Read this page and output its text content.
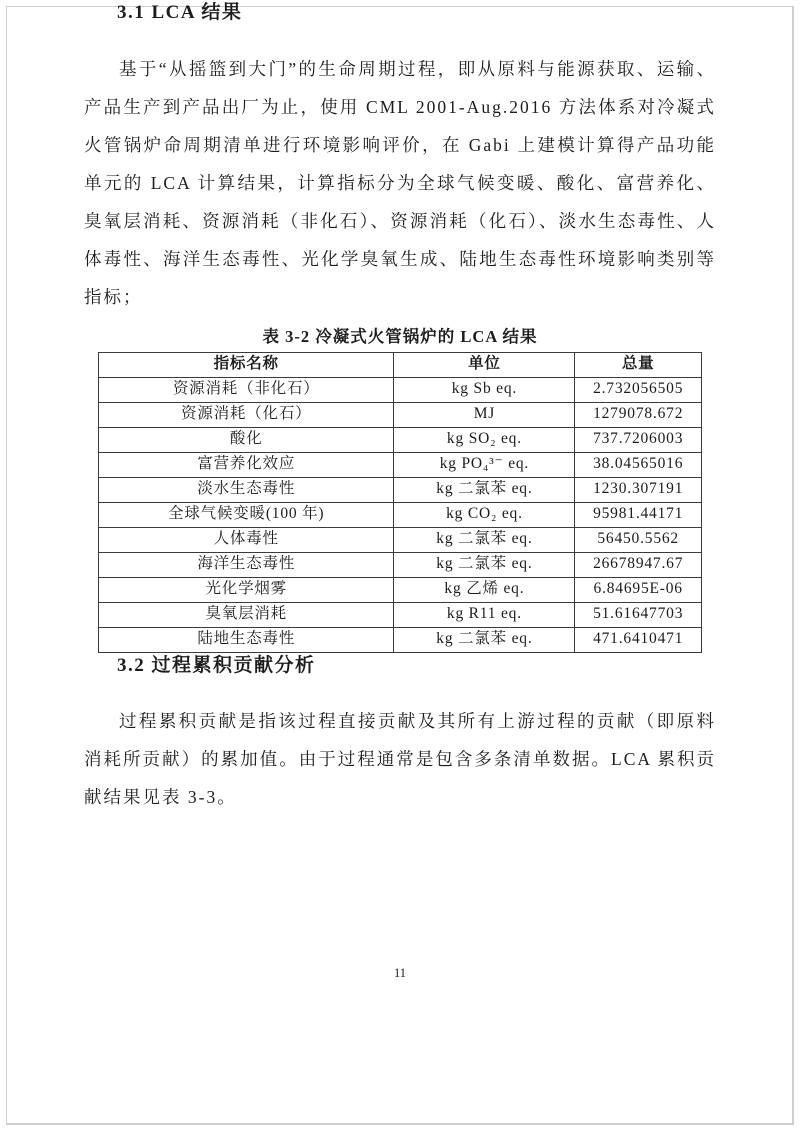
3.1 LCA 结果

基于“从摇篮到大门”的生命周期过程，即从原料与能源获取、运输、产品生产到产品出厂为止，使用 CML 2001-Aug.2016 方法体系对冷凝式火管锅炉命周期清单进行环境影响评价，在 Gabi 上建模计算得产品功能单元的 LCA 计算结果，计算指标分为全球气候变暖、酸化、富营养化、臭氧层消耗、资源消耗（非化石）、资源消耗（化石）、淡水生态毒性、人体毒性、海洋生态毒性、光化学臭氧生成、陆地生态毒性环境影响类别等指标；

表 3-2 冷凝式火管锅炉的 LCA 结果
指标名称	单位	总量
资源消耗（非化石）	kg Sb eq.	2.732056505
资源消耗（化石）	MJ	1279078.672
酸化	kg SO₂ eq.	737.7206003
富营养化效应	kg PO₄³⁻ eq.	38.04565016
淡水生态毒性	kg 二氯苯 eq.	1230.307191
全球气候变暖(100 年)	kg CO₂ eq.	95981.44171
人体毒性	kg 二氯苯 eq.	56450.5562
海洋生态毒性	kg 二氯苯 eq.	26678947.67
光化学烟雾	kg 乙烯 eq.	6.84695E-06
臭氧层消耗	kg R11 eq.	51.61647703
陆地生态毒性	kg 二氯苯 eq.	471.6410471
3.2 过程累积贡献分析

过程累积贡献是指该过程直接贡献及其所有上游过程的贡献（即原料消耗所贡献）的累加值。由于过程通常是包含多条清单数据。LCA 累积贡献结果见表 3-3。

11
